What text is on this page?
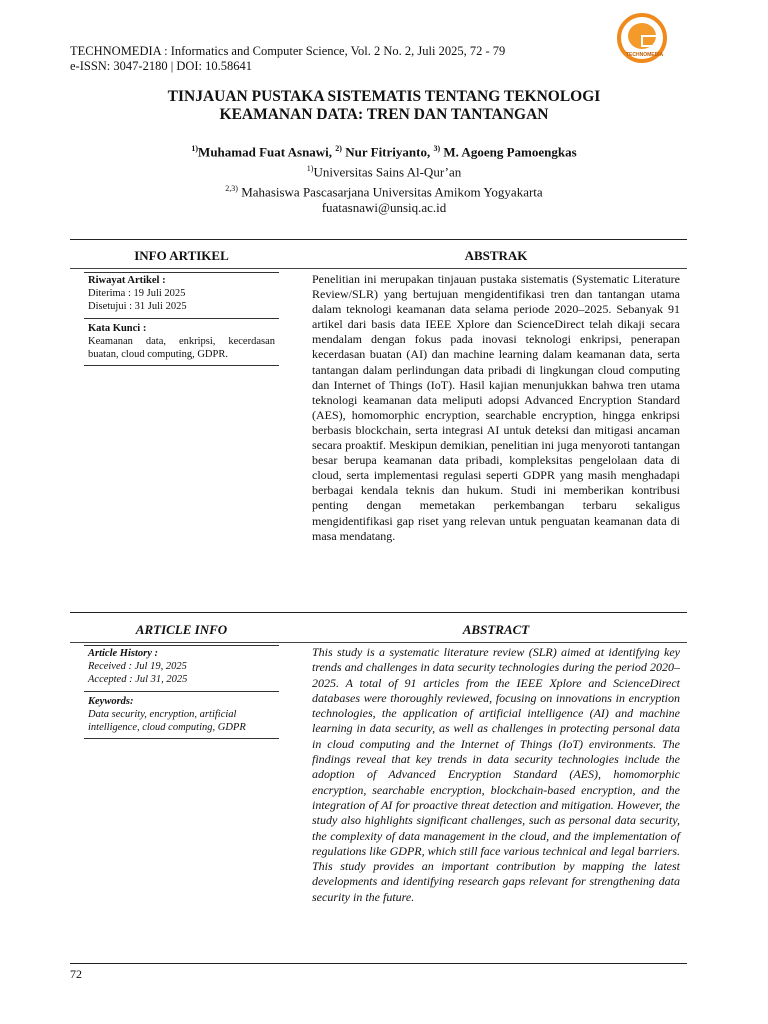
TECHNOMEDIA : Informatics and Computer Science, Vol. 2 No. 2, Juli 2025, 72 - 79
e-ISSN: 3047-2180 | DOI: 10.58641
TECHNOMEDIA
TINJAUAN PUSTAKA SISTEMATIS TENTANG TEKNOLOGI
KEAMANAN DATA: TREN DAN TANTANGAN
$^{1)}$Muhamad Fuat Asnawi, $^{2)}$ Nur Fitriyanto, $^{3)}$ M. Agoeng Pamoengkas
$^{1)}$Universitas Sains Al-Qur’an
$^{2,3)}$ Mahasiswa Pascasarjana Universitas Amikom Yogyakarta
fuatasnawi@unsiq.ac.id
INFO ARTIKEL	ABSTRAK
Riwayat Artikel :
Diterima : 19 Juli 2025
Disetujui : 31 Juli 2025
Kata Kunci :
Keamanan data, enkripsi, kecerdasan buatan, cloud computing, GDPR.
Penelitian ini merupakan tinjauan pustaka sistematis (Systematic Literature Review/SLR) yang bertujuan mengidentifikasi tren dan tantangan utama dalam teknologi keamanan data selama periode 2020–2025. Sebanyak 91 artikel dari basis data IEEE Xplore dan ScienceDirect telah dikaji secara mendalam dengan fokus pada inovasi teknologi enkripsi, penerapan kecerdasan buatan (AI) dan machine learning dalam keamanan data, serta tantangan dalam perlindungan data pribadi di lingkungan cloud computing dan Internet of Things (IoT). Hasil kajian menunjukkan bahwa tren utama teknologi keamanan data meliputi adopsi Advanced Encryption Standard (AES), homomorphic encryption, searchable encryption, hingga enkripsi berbasis blockchain, serta integrasi AI untuk deteksi dan mitigasi ancaman secara proaktif. Meskipun demikian, penelitian ini juga menyoroti tantangan besar berupa keamanan data pribadi, kompleksitas pengelolaan data di cloud, serta implementasi regulasi seperti GDPR yang masih menghadapi berbagai kendala teknis dan hukum. Studi ini memberikan kontribusi penting dengan memetakan perkembangan terbaru sekaligus mengidentifikasi gap riset yang relevan untuk penguatan keamanan data di masa mendatang.
ARTICLE INFO	ABSTRACT
Article History :
Received : Jul 19, 2025
Accepted : Jul 31, 2025
Keywords:
Data security, encryption, artificial intelligence, cloud computing, GDPR
This study is a systematic literature review (SLR) aimed at identifying key trends and challenges in data security technologies during the period 2020–2025. A total of 91 articles from the IEEE Xplore and ScienceDirect databases were thoroughly reviewed, focusing on innovations in encryption technologies, the application of artificial intelligence (AI) and machine learning in data security, as well as challenges in protecting personal data in cloud computing and the Internet of Things (IoT) environments. The findings reveal that key trends in data security technologies include the adoption of Advanced Encryption Standard (AES), homomorphic encryption, searchable encryption, blockchain-based encryption, and the integration of AI for proactive threat detection and mitigation. However, the study also highlights significant challenges, such as personal data security, the complexity of data management in the cloud, and the implementation of regulations like GDPR, which still face various technical and legal barriers. This study provides an important contribution by mapping the latest developments and identifying research gaps relevant for strengthening data security in the future.
72
